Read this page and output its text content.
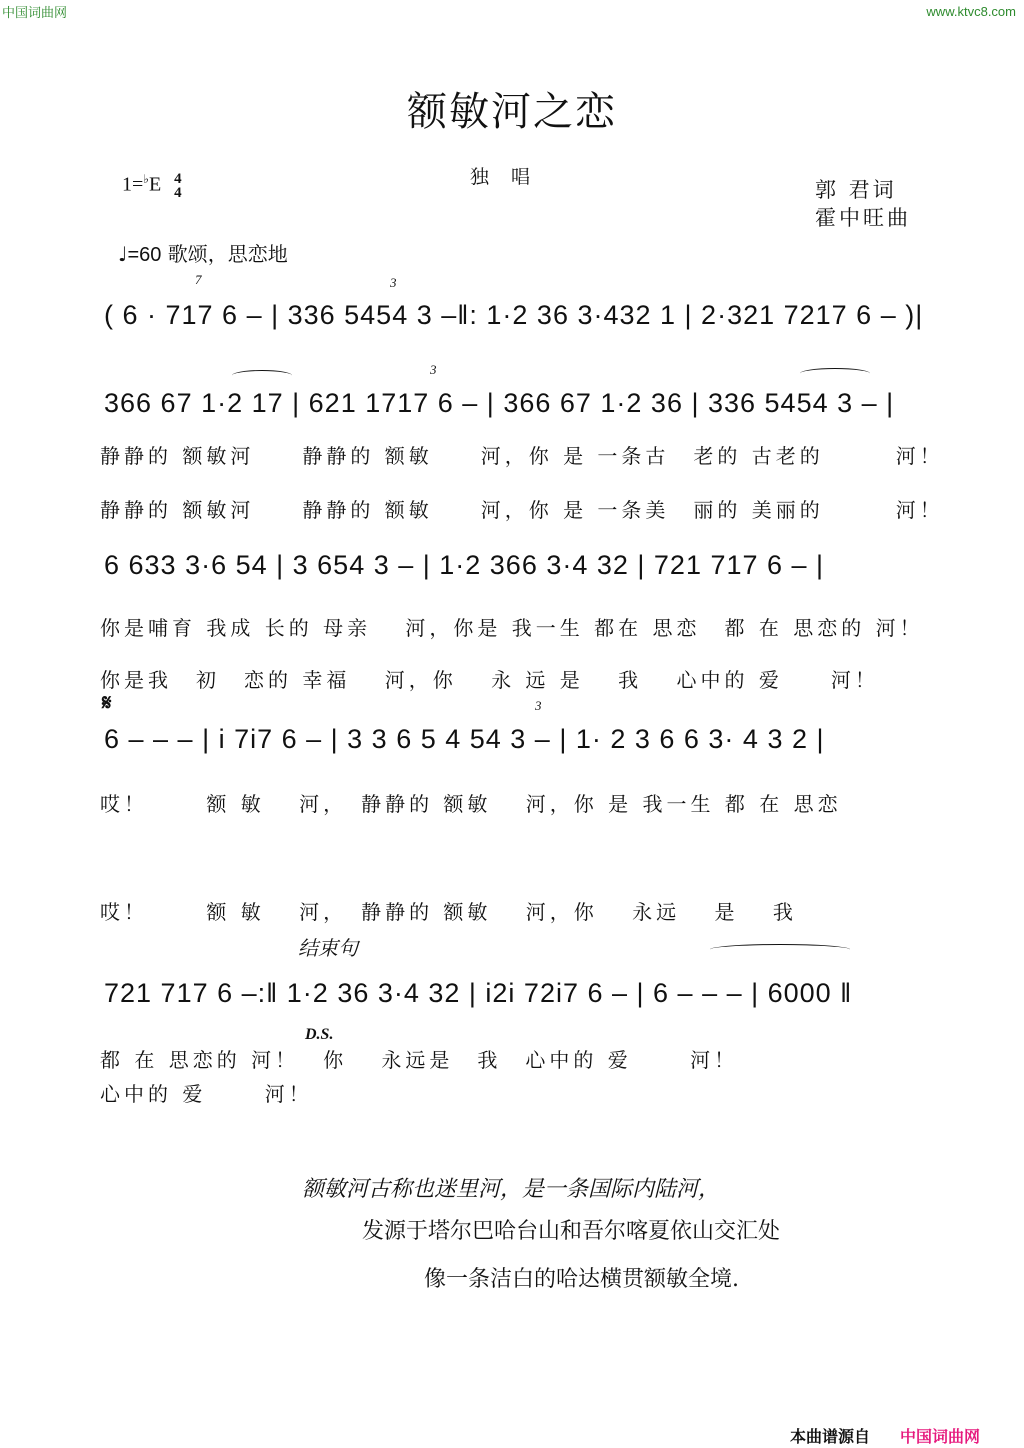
中国词曲网	www.ktvc8.com
额敏河之恋
独 唱
1=♭E 4
4	郭 君词
霍中旺曲
♩=60 歌颂，思恋地
7	3
( 6 · 717 6 – | 336 5454 3 –‖: 1·2 36 3·432 1 | 2·321 7217 6 – )|
3
366 67 1·2 17 | 621 1717 6 – | 366 67 1·2 36 | 336 5454 3 – |
静静的 额敏河　　静静的 额敏　　河，你 是 一条古　老的 古老的　　　河！
静静的 额敏河　　静静的 额敏　　河，你 是 一条美　丽的 美丽的　　　河！
6 633 3·6 54 | 3 654 3 – | 1·2 366 3·4 32 | 721 717 6 – |
你是哺育 我成 长的 母亲　 河，你是 我一生 都在 思恋　都 在 思恋的 河！
你是我　初　恋的 幸福　 河，你　 永 远 是　 我　 心中的 爱　　河！
𝄋	3
6 – – – | i 7i7 6 – | 3 3 6 5 4 54 3 – | 1· 2 3 6 6 3· 4 3 2 |
哎！　　 额 敏　 河，　静静的 额敏　 河，你 是 我一生 都 在 思恋
哎！　　 额 敏　 河，　静静的 额敏　 河，你　 永远　 是　 我
结束句
721 717 6 –:‖ 1·2 36 3·4 32 | i2i 72i7 6 – | 6 – – – | 6000 ‖
D.S.
都 在 思恋的 河！　你　 永远是　我　心中的 爱　　 河！
心中的 爱　　 河！
额敏河古称也迷里河，是一条国际内陆河，
发源于塔尔巴哈台山和吾尔喀夏依山交汇处
像一条洁白的哈达横贯额敏全境.
本曲谱源自 中国词曲网
